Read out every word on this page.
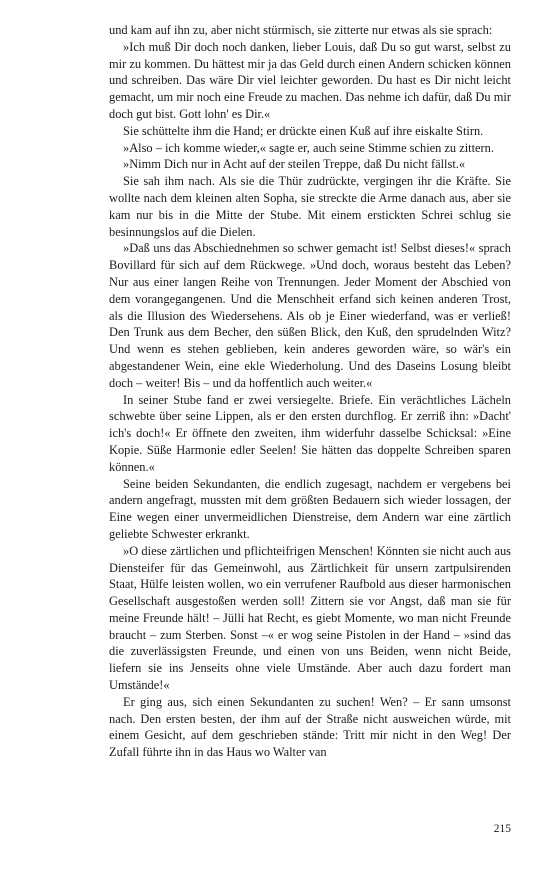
und kam auf ihn zu, aber nicht stürmisch, sie zitterte nur etwas als sie sprach:

»Ich muß Dir doch noch danken, lieber Louis, daß Du so gut warst, selbst zu mir zu kommen. Du hättest mir ja das Geld durch einen Andern schicken können und schreiben. Das wäre Dir viel leichter geworden. Du hast es Dir nicht leicht gemacht, um mir noch eine Freude zu machen. Das nehme ich dafür, daß Du mir doch gut bist. Gott lohn' es Dir.«

Sie schüttelte ihm die Hand; er drückte einen Kuß auf ihre eiskalte Stirn.

»Also – ich komme wieder,« sagte er, auch seine Stimme schien zu zittern.

»Nimm Dich nur in Acht auf der steilen Treppe, daß Du nicht fällst.«

Sie sah ihm nach. Als sie die Thür zudrückte, vergingen ihr die Kräfte. Sie wollte nach dem kleinen alten Sopha, sie streckte die Arme danach aus, aber sie kam nur bis in die Mitte der Stube. Mit einem erstickten Schrei schlug sie besinnungslos auf die Dielen.

»Daß uns das Abschiednehmen so schwer gemacht ist! Selbst dieses!« sprach Bovillard für sich auf dem Rückwege. »Und doch, woraus besteht das Leben? Nur aus einer langen Reihe von Trennungen. Jeder Moment der Abschied von dem vorangegangenen. Und die Menschheit erfand sich keinen anderen Trost, als die Illusion des Wiedersehens. Als ob je Einer wiederfand, was er verließ! Den Trunk aus dem Becher, den süßen Blick, den Kuß, den sprudelnden Witz? Und wenn es stehen geblieben, kein anderes geworden wäre, so wär's ein abgestandener Wein, eine ekle Wiederholung. Und des Daseins Losung bleibt doch – weiter! Bis – und da hoffentlich auch weiter.«

In seiner Stube fand er zwei versiegelte. Briefe. Ein verächtliches Lächeln schwebte über seine Lippen, als er den ersten durchflog. Er zerriß ihn: »Dacht' ich's doch!« Er öffnete den zweiten, ihm widerfuhr dasselbe Schicksal: »Eine Kopie. Süße Harmonie edler Seelen! Sie hätten das doppelte Schreiben sparen können.«

Seine beiden Sekundanten, die endlich zugesagt, nachdem er vergebens bei andern angefragt, mussten mit dem größten Bedauern sich wieder lossagen, der Eine wegen einer unvermeidlichen Dienstreise, dem Andern war eine zärtlich geliebte Schwester erkrankt.

»O diese zärtlichen und pflichteifrigen Menschen! Könnten sie nicht auch aus Diensteifer für das Gemeinwohl, aus Zärtlichkeit für unsern zartpulsirenden Staat, Hülfe leisten wollen, wo ein verrufener Raufbold aus dieser harmonischen Gesellschaft ausgestoßen werden soll! Zittern sie vor Angst, daß man sie für meine Freunde hält! – Jülli hat Recht, es giebt Momente, wo man nicht Freunde braucht – zum Sterben. Sonst –« er wog seine Pistolen in der Hand – »sind das die zuverlässigsten Freunde, und einen von uns Beiden, wenn nicht Beide, liefern sie ins Jenseits ohne viele Umstände. Aber auch dazu fordert man Umstände!«

Er ging aus, sich einen Sekundanten zu suchen! Wen? – Er sann umsonst nach. Den ersten besten, der ihm auf der Straße nicht ausweichen würde, mit einem Gesicht, auf dem geschrieben stände: Tritt mir nicht in den Weg! Der Zufall führte ihn in das Haus wo Walter van

215
